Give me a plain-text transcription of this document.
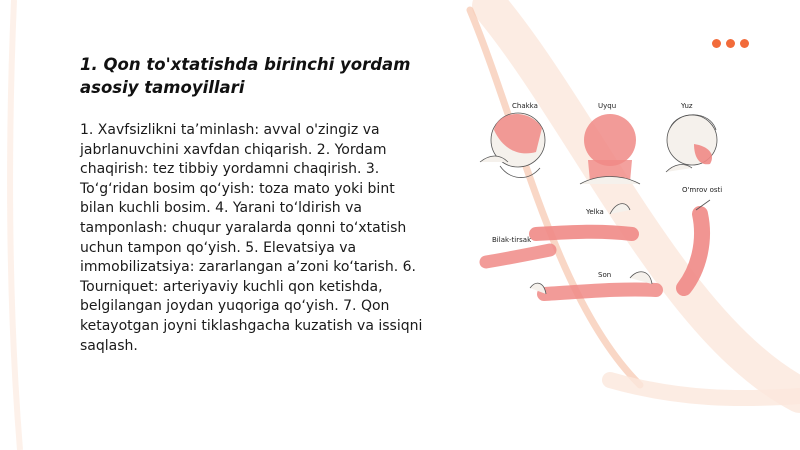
1. Qon to'xtatishda birinchi yordam asosiy tamoyillari

1. Xavfsizlikni ta’minlash: avval o'zingiz va jabrlanuvchini xavfdan chiqarish. 2. Yordam chaqirish: tez tibbiy yordamni chaqirish. 3. To‘g‘ridan bosim qo‘yish: toza mato yoki bint bilan kuchli bosim. 4. Yarani to‘ldirish va tamponlash: chuqur yaralarda qonni to‘xtatish uchun tampon qo‘yish. 5. Elevatsiya va immobilizatsiya: zararlangan a’zoni ko‘tarish. 6. Tourniquet: arteriyaviy kuchli qon ketishda, belgilangan joydan yuqoriga qo‘yish. 7. Qon ketayotgan joyni tiklashgacha kuzatish va issiqni saqlash.

Chakka	Uyqu	Yuz
O'mrov osti
Yelka
Bilak-tirsak
Son
